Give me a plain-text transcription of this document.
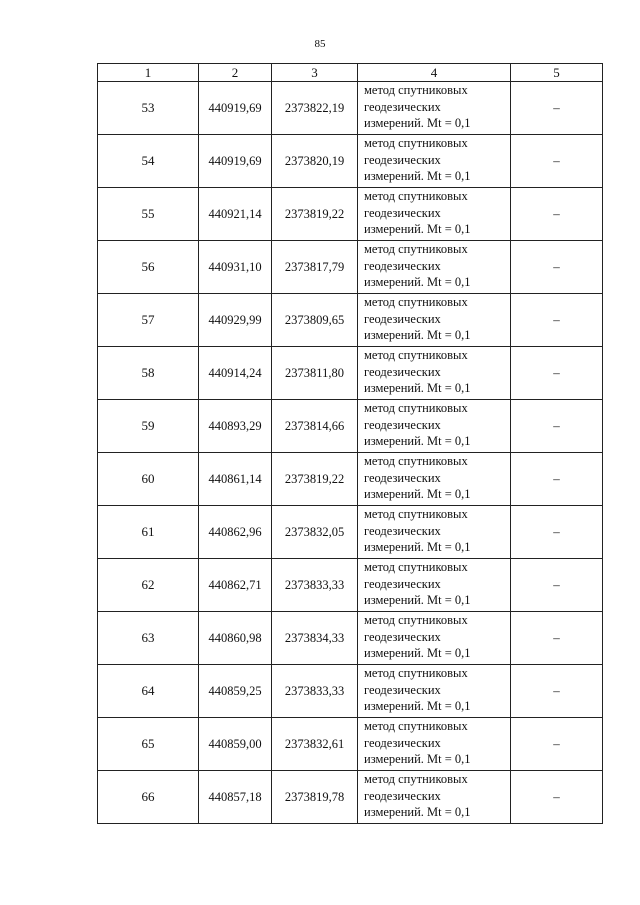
85
1	2	3	4	5
53	440919,69	2373822,19	метод спутниковых
геодезических
измерений. Mt = 0,1	–
54	440919,69	2373820,19	метод спутниковых
геодезических
измерений. Mt = 0,1	–
55	440921,14	2373819,22	метод спутниковых
геодезических
измерений. Mt = 0,1	–
56	440931,10	2373817,79	метод спутниковых
геодезических
измерений. Mt = 0,1	–
57	440929,99	2373809,65	метод спутниковых
геодезических
измерений. Mt = 0,1	–
58	440914,24	2373811,80	метод спутниковых
геодезических
измерений. Mt = 0,1	–
59	440893,29	2373814,66	метод спутниковых
геодезических
измерений. Mt = 0,1	–
60	440861,14	2373819,22	метод спутниковых
геодезических
измерений. Mt = 0,1	–
61	440862,96	2373832,05	метод спутниковых
геодезических
измерений. Mt = 0,1	–
62	440862,71	2373833,33	метод спутниковых
геодезических
измерений. Mt = 0,1	–
63	440860,98	2373834,33	метод спутниковых
геодезических
измерений. Mt = 0,1	–
64	440859,25	2373833,33	метод спутниковых
геодезических
измерений. Mt = 0,1	–
65	440859,00	2373832,61	метод спутниковых
геодезических
измерений. Mt = 0,1	–
66	440857,18	2373819,78	метод спутниковых
геодезических
измерений. Mt = 0,1	–
